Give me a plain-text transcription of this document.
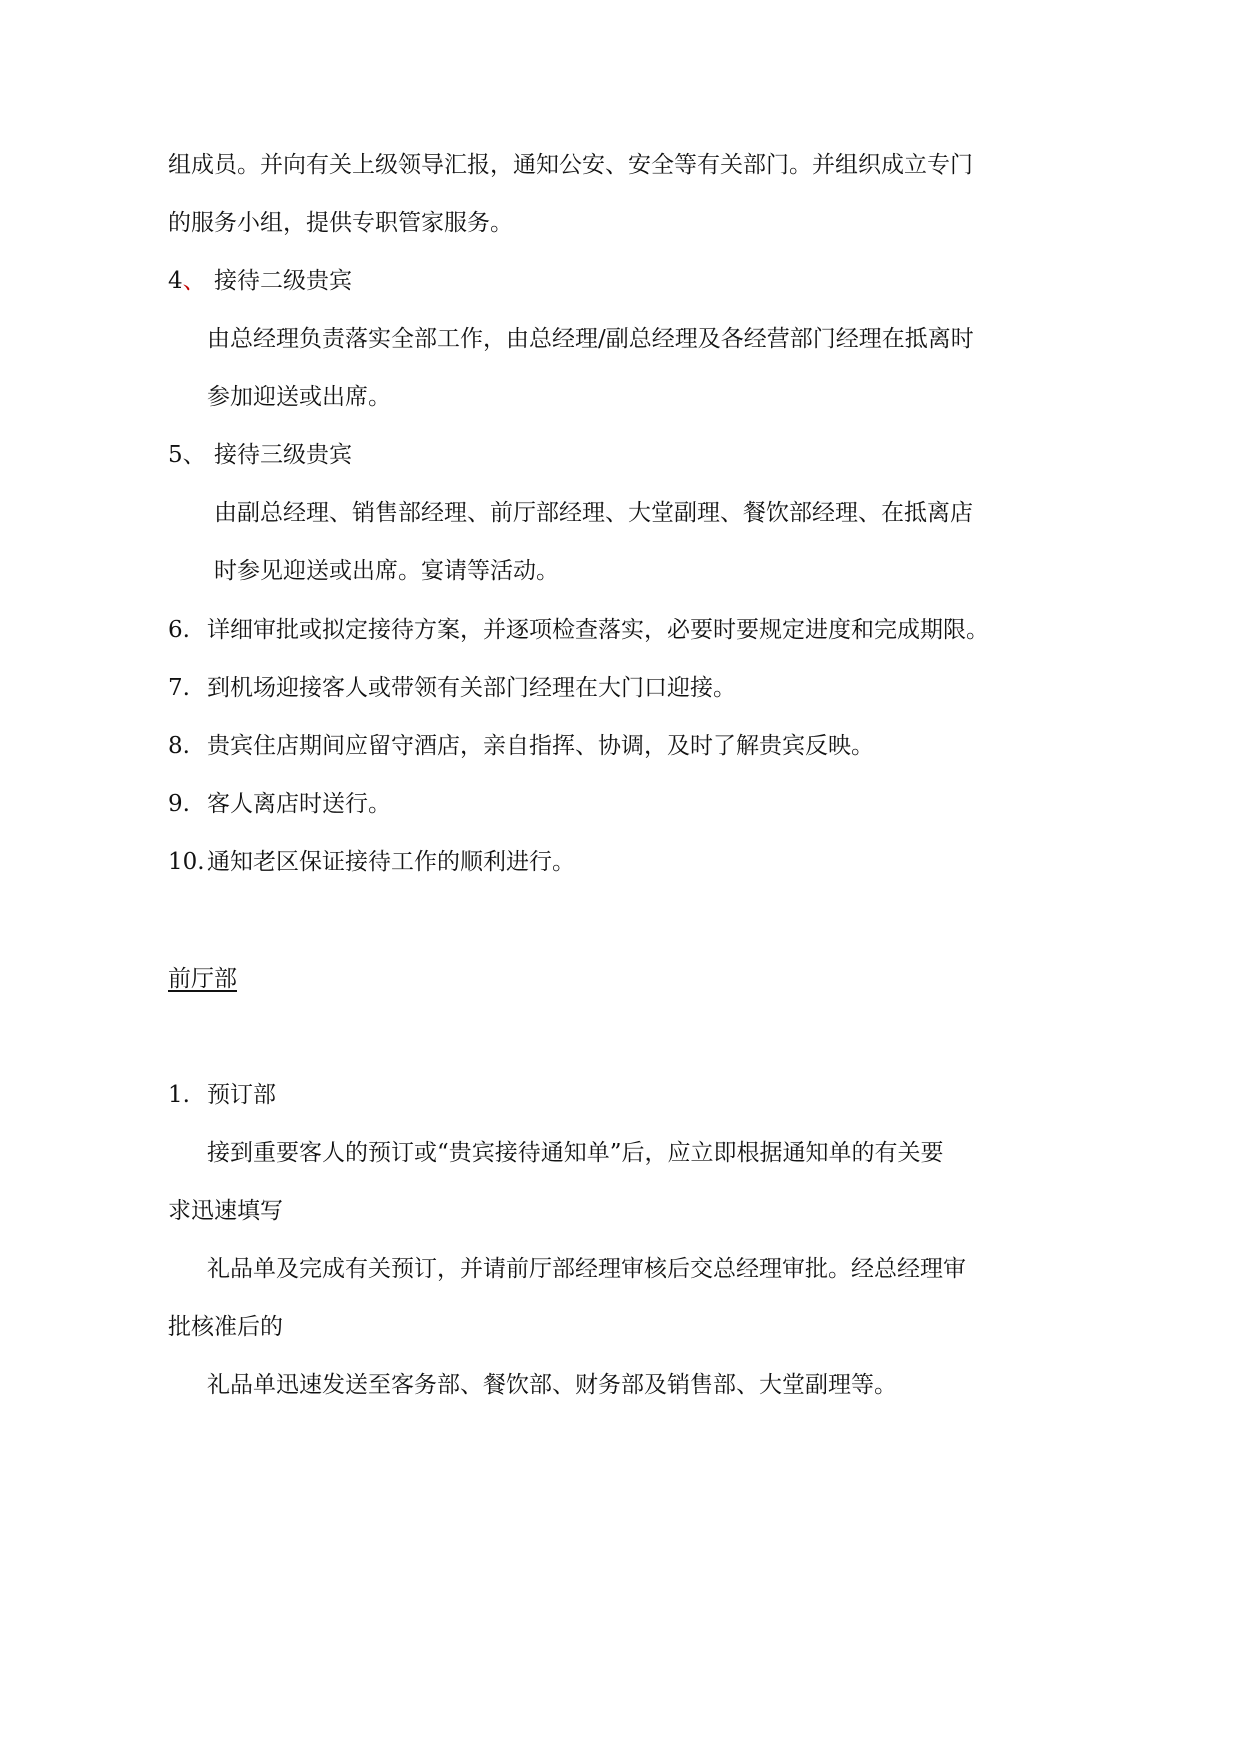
组成员。并向有关上级领导汇报，通知公安、安全等有关部门。并组织成立专门
的服务小组，提供专职管家服务。
4、 接待二级贵宾
由总经理负责落实全部工作，由总经理/副总经理及各经营部门经理在抵离时
参加迎送或出席。
5、 接待三级贵宾
由副总经理、销售部经理、前厅部经理、大堂副理、餐饮部经理、在抵离店
时参见迎送或出席。宴请等活动。
6. 详细审批或拟定接待方案，并逐项检查落实，必要时要规定进度和完成期限。
7. 到机场迎接客人或带领有关部门经理在大门口迎接。
8. 贵宾住店期间应留守酒店，亲自指挥、协调，及时了解贵宾反映。
9. 客人离店时送行。
10. 通知老区保证接待工作的顺利进行。
前厅部
1. 预订部
接到重要客人的预订或“贵宾接待通知单”后，应立即根据通知单的有关要
求迅速填写
礼品单及完成有关预订，并请前厅部经理审核后交总经理审批。经总经理审
批核准后的
礼品单迅速发送至客务部、餐饮部、财务部及销售部、大堂副理等。
